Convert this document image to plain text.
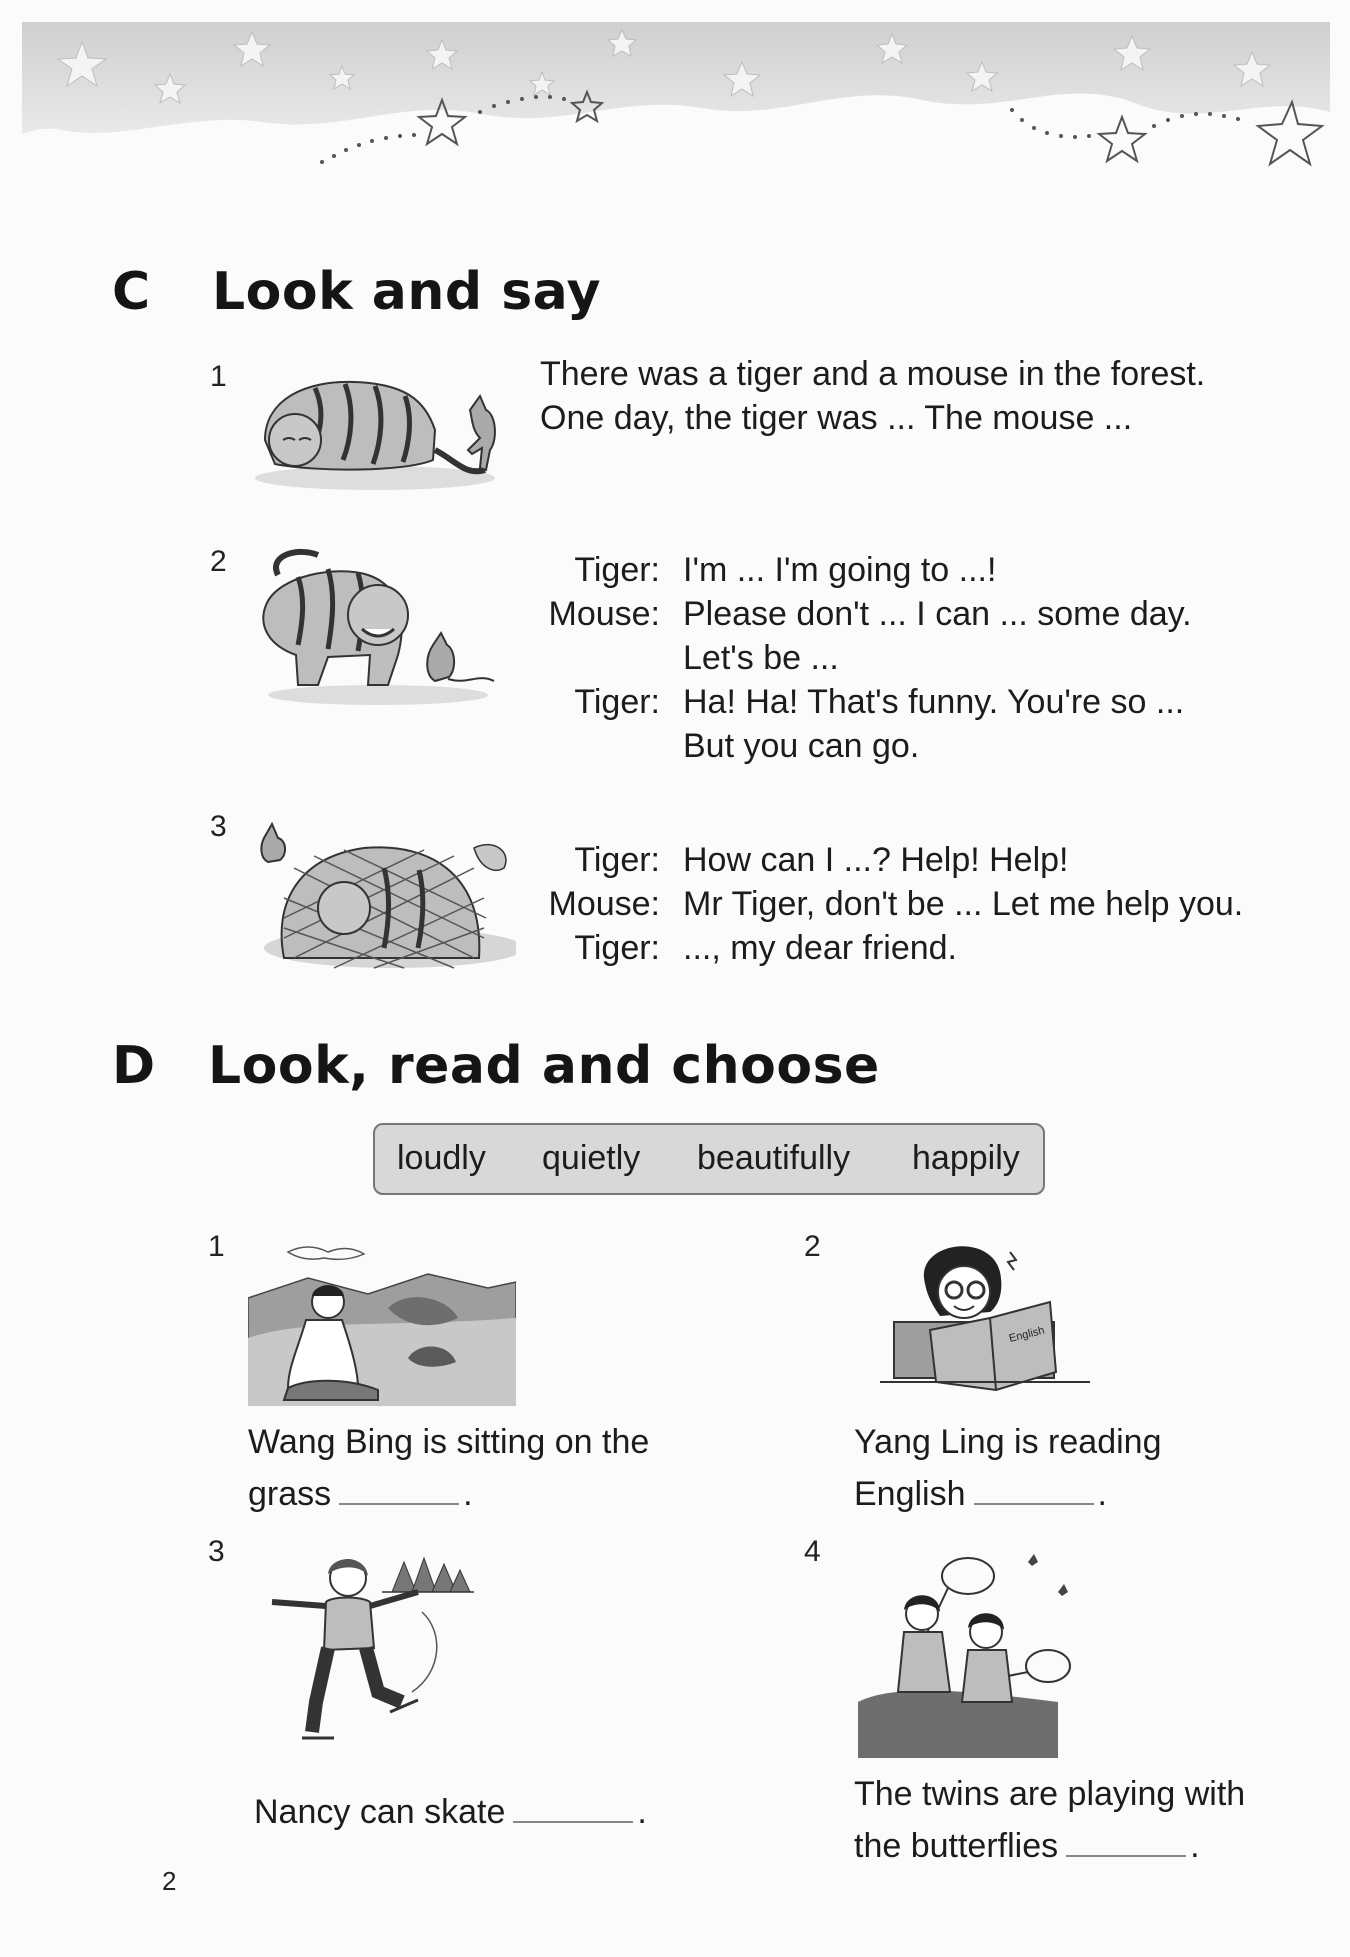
C Look and say
1	There was a tiger and a mouse in the forest.
One day, the tiger was ... The mouse ...
2	Tiger: I'm ... I'm going to ...!
Mouse: Please don't ... I can ... some day.
Let's be ...
Tiger: Ha! Ha! That's funny. You're so ...
But you can go.
3
Tiger: How can I ...? Help! Help!
Mouse: Mr Tiger, don't be ... Let me help you.
Tiger: ..., my dear friend.
D Look, read and choose
loudly quietly beautifully happily
1
Wang Bing is sitting on the
grass	.
2
English
Yang Ling is reading
English	.
3
Nancy can skate	.
4
The twins are playing with
the butterflies	.
2
